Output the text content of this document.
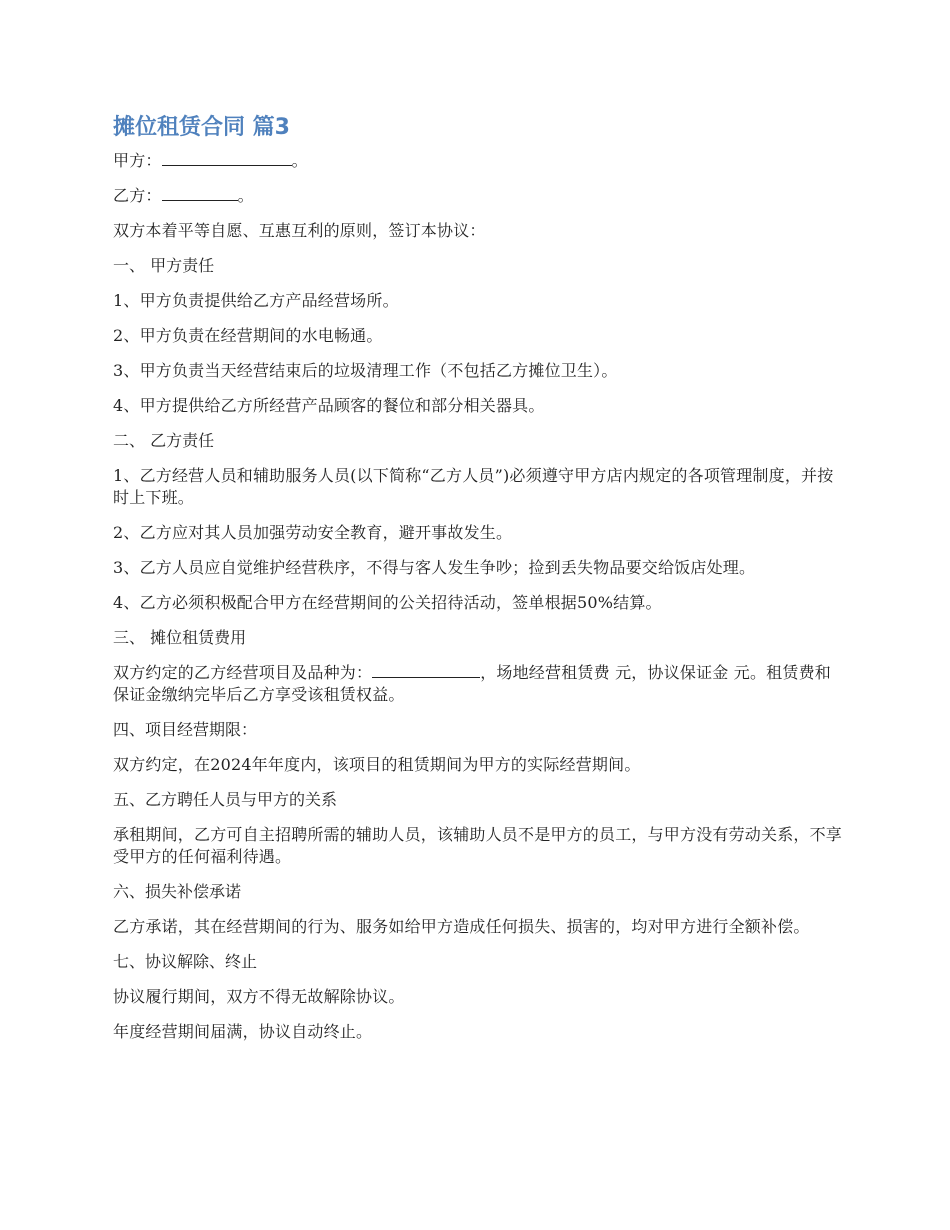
摊位租赁合同 篇3

甲方：	。

乙方：	。

双方本着平等自愿、互惠互利的原则，签订本协议：

一、 甲方责任

1、甲方负责提供给乙方产品经营场所。

2、甲方负责在经营期间的水电畅通。

3、甲方负责当天经营结束后的垃圾清理工作（不包括乙方摊位卫生）。

4、甲方提供给乙方所经营产品顾客的餐位和部分相关器具。

二、 乙方责任

1、乙方经营人员和辅助服务人员(以下简称“乙方人员”)必须遵守甲方店内规定的各项管理制度，并按时上下班。

2、乙方应对其人员加强劳动安全教育，避开事故发生。

3、乙方人员应自觉维护经营秩序，不得与客人发生争吵；捡到丢失物品要交给饭店处理。

4、乙方必须积极配合甲方在经营期间的公关招待活动，签单根据50%结算。

三、 摊位租赁费用

双方约定的乙方经营项目及品种为：	，场地经营租赁费 元，协议保证金 元。租赁费和保证金缴纳完毕后乙方享受该租赁权益。

四、项目经营期限：

双方约定，在2024年年度内，该项目的租赁期间为甲方的实际经营期间。

五、乙方聘任人员与甲方的关系

承租期间，乙方可自主招聘所需的辅助人员，该辅助人员不是甲方的员工，与甲方没有劳动关系，不享受甲方的任何福利待遇。

六、损失补偿承诺

乙方承诺，其在经营期间的行为、服务如给甲方造成任何损失、损害的，均对甲方进行全额补偿。

七、协议解除、终止

协议履行期间，双方不得无故解除协议。

年度经营期间届满，协议自动终止。
